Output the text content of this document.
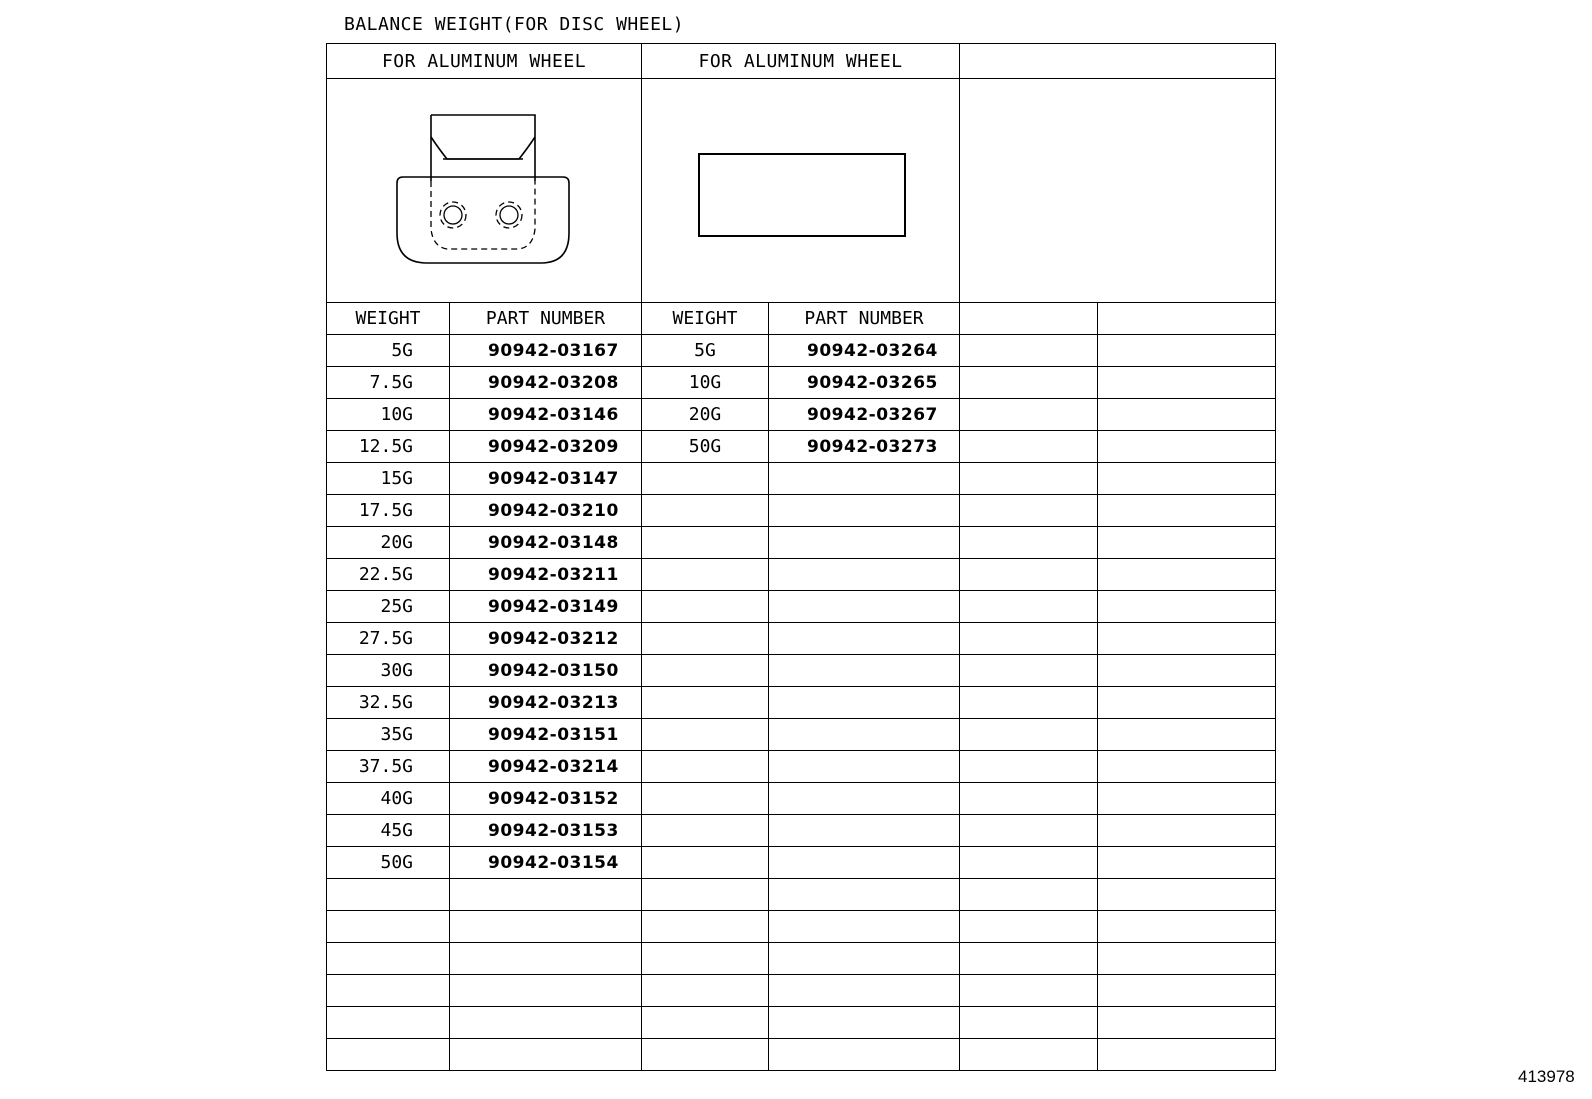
BALANCE WEIGHT(FOR DISC WHEEL)
FOR ALUMINUM WHEEL		FOR ALUMINUM WHEEL			

WEIGHT	PART NUMBER	WEIGHT	PART NUMBER		
5G	90942-03167	5G	90942-03264		
7.5G	90942-03208	10G	90942-03265		
10G	90942-03146	20G	90942-03267		
12.5G	90942-03209	50G	90942-03273		
15G	90942-03147				
17.5G	90942-03210				
20G	90942-03148				
22.5G	90942-03211				
25G	90942-03149				
27.5G	90942-03212				
30G	90942-03150				
32.5G	90942-03213				
35G	90942-03151				
37.5G	90942-03214				
40G	90942-03152				
45G	90942-03153				
50G	90942-03154				

413978
